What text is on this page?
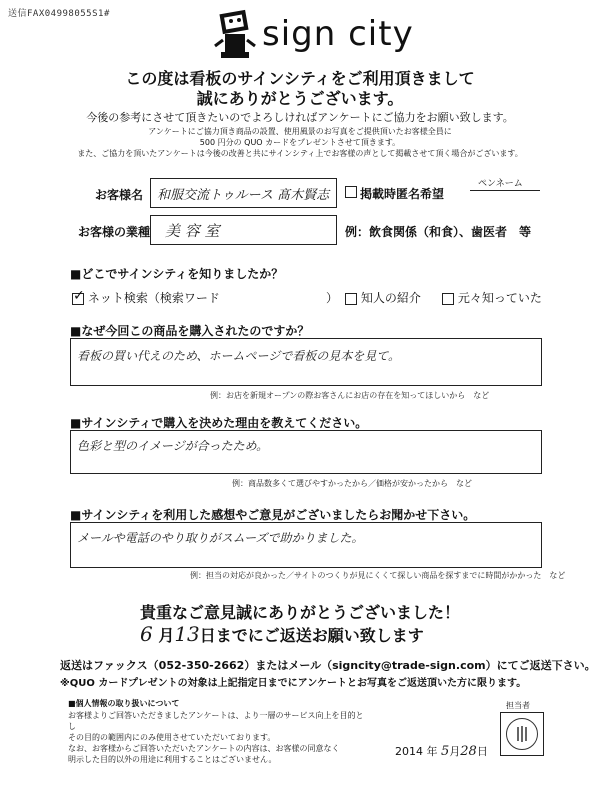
送信FAX04998055S1#	sign city
この度は看板のサインシティをご利用頂きまして
誠にありがとうございます。
今後の参考にさせて頂きたいのでよろしければアンケートにご協力をお願い致します。
アンケートにご協力頂き商品の設置、使用風景のお写真をご提供頂いたお客様全員に
500 円分の QUO カードをプレゼントさせて頂きます。
また、ご協力を頂いたアンケートは今後の改善と共にサインシティ上でお客様の声として掲載させて頂く場合がございます。
お客様名 和服交流トゥルース 髙木賢志	掲載時匿名希望
ペンネーム
お客様の業種 美 容 室	例：飲食関係（和食）、歯医者　等
■どこでサインシティを知りましたか？
✓ ネット検索（検索ワード	）	知人の紹介	元々知っていた
■なぜ今回この商品を購入されたのですか？
看板の買い代えのため、ホームページで看板の見本を見て。
例：お店を新規オープンの際お客さんにお店の存在を知ってほしいから　など
■サインシティで購入を決めた理由を教えてください。
色彩と型のイメージが合ったため。
例：商品数多くて選びやすかったから／価格が安かったから　など
■サインシティを利用した感想やご意見がございましたらお聞かせ下さい。
メールや電話のやり取りがスムーズで助かりました。
例：担当の対応が良かった／サイトのつくりが見にくくて探しい商品を探すまでに時間がかかった　など
貴重なご意見誠にありがとうございました！
6 月13日までにご返送お願い致します
返送はファックス（052-350-2662）またはメール（signcity@trade-sign.com）にてご返送下さい。
※QUO カードプレゼントの対象は上記指定日までにアンケートとお写真をご返送頂いた方に限ります。
■個人情報の取り扱いについて
お客様よりご回答いただきましたアンケートは、より一層のサービス向上を目的とし
その目的の範囲内にのみ使用させていただいております。
なお、お客様からご回答いただいたアンケートの内容は、お客様の同意なく
明示した目的以外の用途に利用することはございません。
担当者
2014 年 5月28日
